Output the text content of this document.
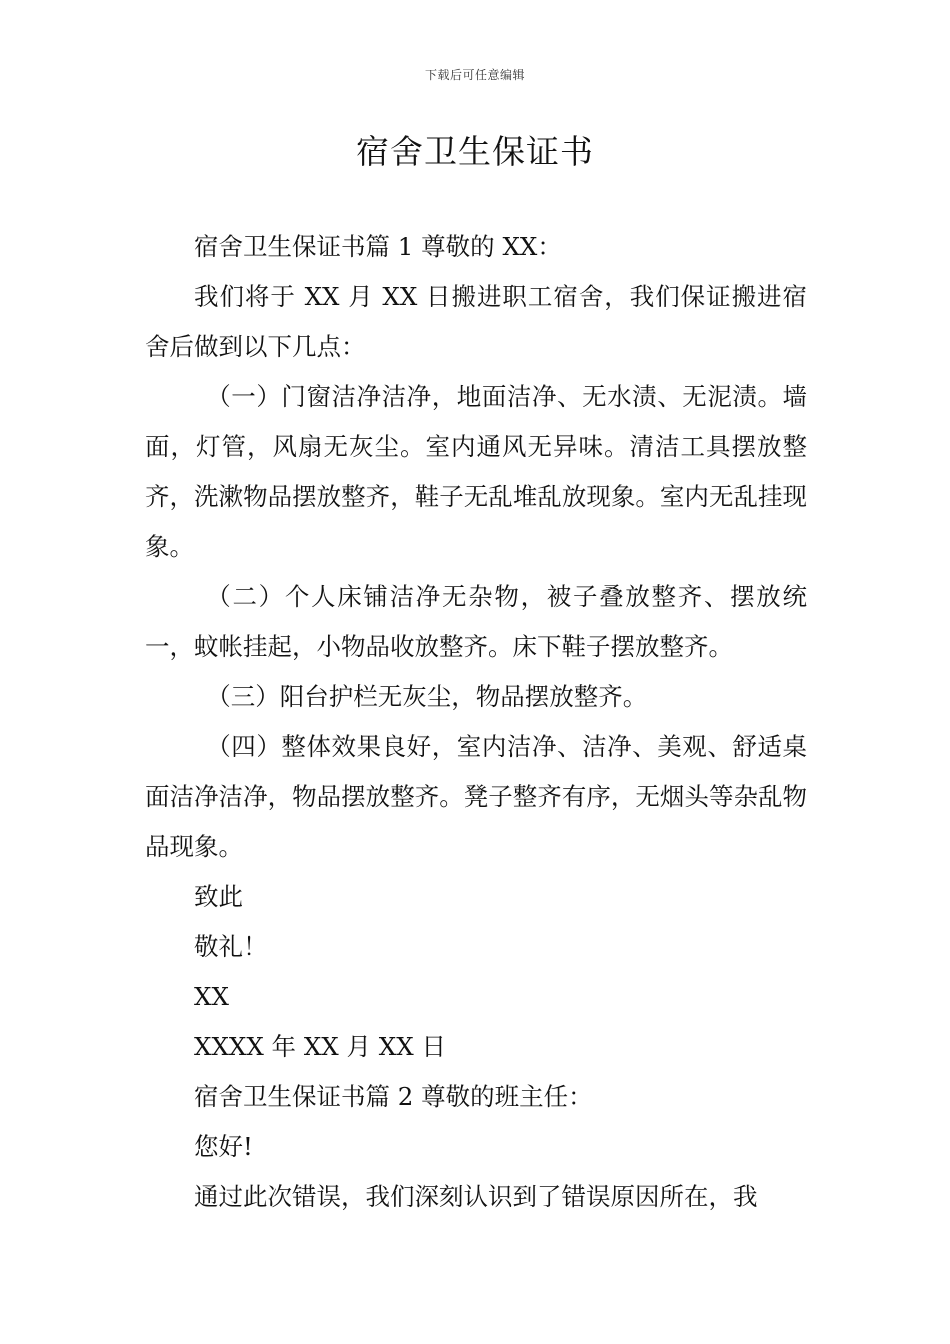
下载后可任意编辑
宿舍卫生保证书

宿舍卫生保证书篇 1 尊敬的 XX：

我们将于 XX 月 XX 日搬进职工宿舍，我们保证搬进宿舍后做到以下几点：

（一）门窗洁净洁净，地面洁净、无水渍、无泥渍。墙面，灯管，风扇无灰尘。室内通风无异味。清洁工具摆放整齐，洗漱物品摆放整齐，鞋子无乱堆乱放现象。室内无乱挂现象。

（二）个人床铺洁净无杂物，被子叠放整齐、摆放统一，蚊帐挂起，小物品收放整齐。床下鞋子摆放整齐。

（三）阳台护栏无灰尘，物品摆放整齐。

（四）整体效果良好，室内洁净、洁净、美观、舒适桌面洁净洁净，物品摆放整齐。凳子整齐有序，无烟头等杂乱物品现象。

致此

敬礼！

XX

XXXX 年 XX 月 XX 日

宿舍卫生保证书篇 2 尊敬的班主任：

您好!

通过此次错误，我们深刻认识到了错误原因所在，我
